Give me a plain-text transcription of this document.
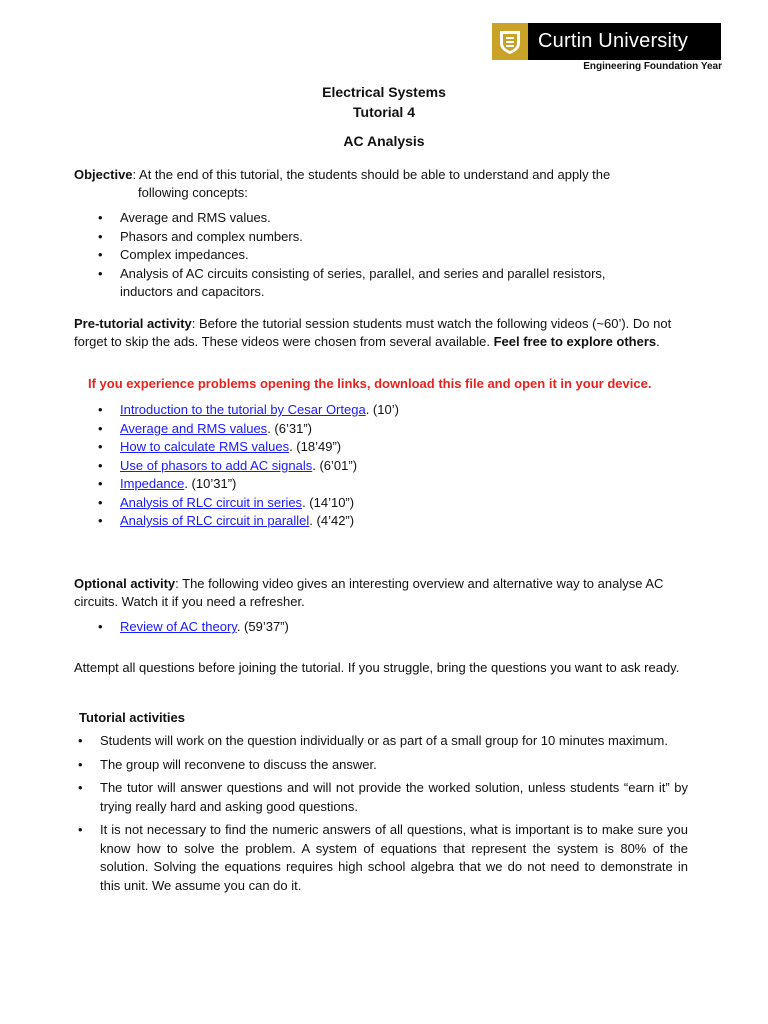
Curtin University
Engineering Foundation Year
Electrical Systems
Tutorial 4
AC Analysis
Objective: At the end of this tutorial, the students should be able to understand and apply the
following concepts:
• Average and RMS values.
• Phasors and complex numbers.
• Complex impedances.
• Analysis of AC circuits consisting of series, parallel, and series and parallel resistors, inductors and capacitors.
Pre-tutorial activity: Before the tutorial session students must watch the following videos (~60’). Do not forget to skip the ads. These videos were chosen from several available. Feel free to explore others.
If you experience problems opening the links, download this file and open it in your device.
• Introduction to the tutorial by Cesar Ortega. (10’)
• Average and RMS values. (6’31”)
• How to calculate RMS values. (18’49”)
• Use of phasors to add AC signals. (6’01”)
• Impedance. (10’31”)
• Analysis of RLC circuit in series. (14’10”)
• Analysis of RLC circuit in parallel. (4’42”)
Optional activity: The following video gives an interesting overview and alternative way to analyse AC circuits. Watch it if you need a refresher.
• Review of AC theory. (59’37”)
Attempt all questions before joining the tutorial. If you struggle, bring the questions you want to ask ready.
Tutorial activities
• Students will work on the question individually or as part of a small group for 10 minutes maximum.
• The group will reconvene to discuss the answer.
• The tutor will answer questions and will not provide the worked solution, unless students “earn it” by trying really hard and asking good questions.
• It is not necessary to find the numeric answers of all questions, what is important is to make sure you know how to solve the problem. A system of equations that represent the system is 80% of the solution. Solving the equations requires high school algebra that we do not need to demonstrate in this unit. We assume you can do it.
